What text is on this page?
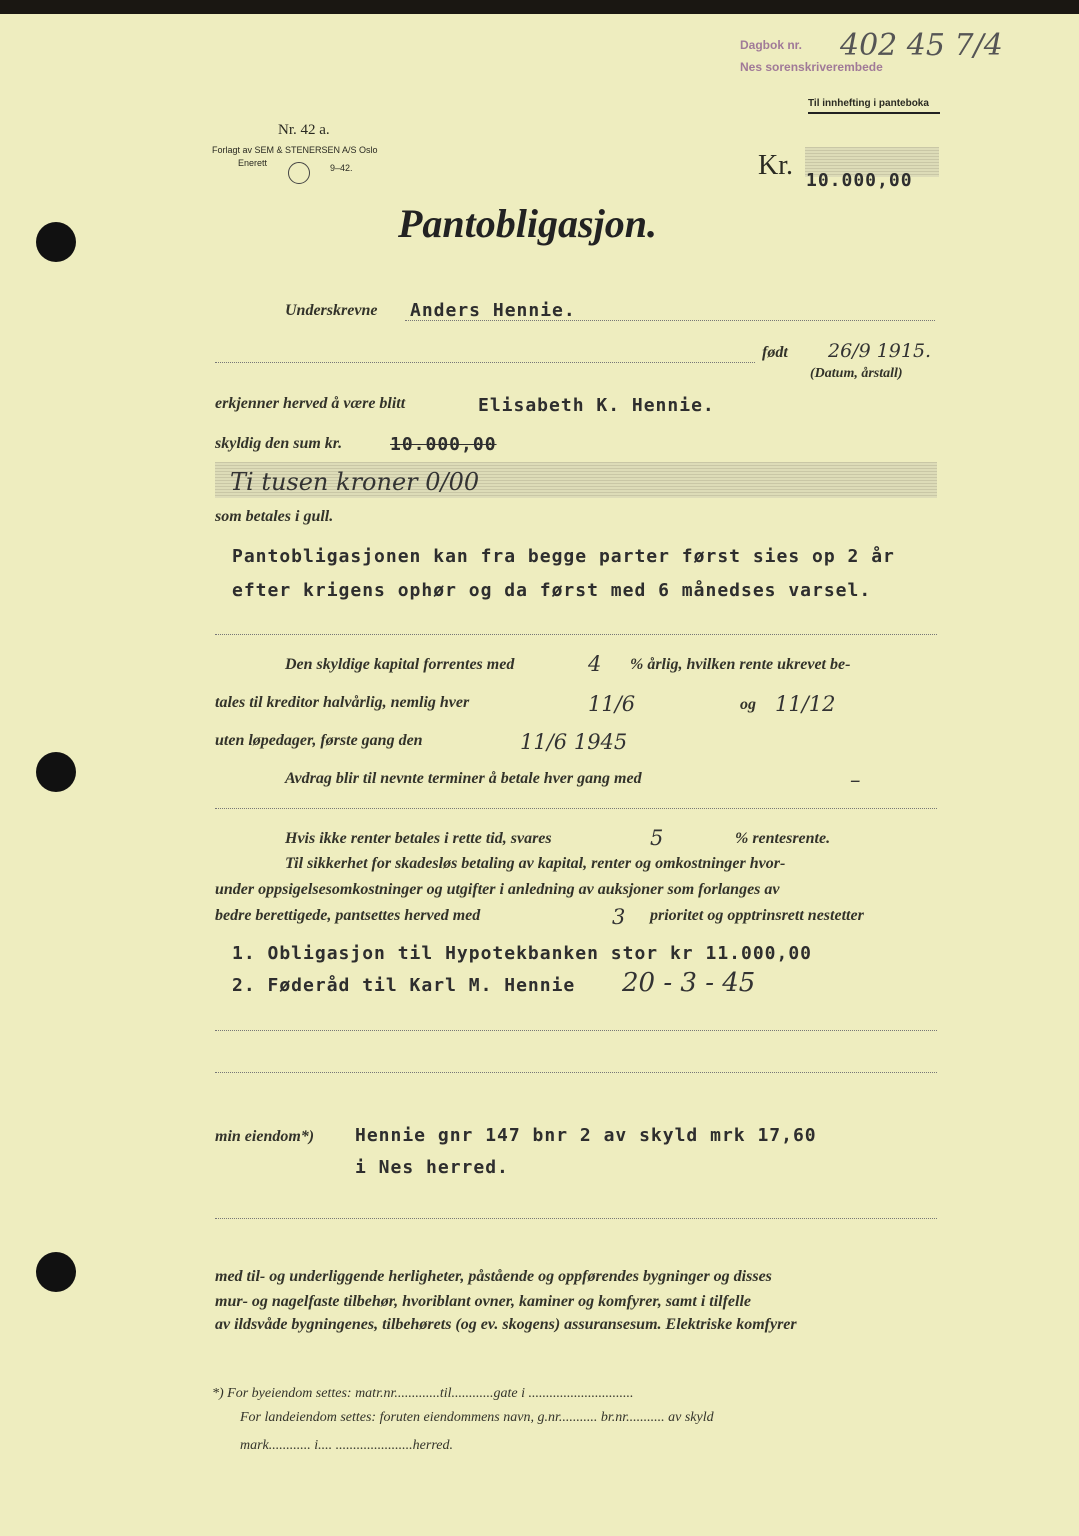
Nr. 42 a.
Forlagt av SEM & STENERSEN A/S Oslo
Enerett	9–42.
Dagbok nr.
Nes sorenskriverembede
402 45 7/4
Til innhefting i panteboka
Kr. 10.000,00
Pantobligasjon.
Underskrevne Anders Hennie.
født 26/9 1915.
(Datum, årstall)
erkjenner herved å være blitt	Elisabeth K. Hennie.
skyldig den sum kr.	10.000,00
Ti tusen kroner 0/00
som betales i gull.
Pantobligasjonen kan fra begge parter først sies op 2 år
efter krigens ophør og da først med 6 månedses varsel.
Den skyldige kapital forrentes med	4 % årlig, hvilken rente ukrevet be-
tales til kreditor halvårlig, nemlig hver	11/6	og 11/12
uten løpedager, første gang den	11/6 1945
Avdrag blir til nevnte terminer å betale hver gang med	–
Hvis ikke renter betales i rette tid, svares	5	% rentesrente.
Til sikkerhet for skadesløs betaling av kapital, renter og omkostninger hvor-
under oppsigelsesomkostninger og utgifter i anledning av auksjoner som forlanges av
bedre berettigede, pantsettes herved med	3 prioritet og opptrinsrett nestetter
1. Obligasjon til Hypotekbanken stor kr 11.000,00
2. Føderåd til Karl M. Hennie 20 - 3 - 45
min eiendom*) Hennie gnr 147 bnr 2 av skyld mrk 17,60
i Nes herred.
med til- og underliggende herligheter, påstående og oppførendes bygninger og disses
mur- og nagelfaste tilbehør, hvoriblant ovner, kaminer og komfyrer, samt i tilfelle
av ildsvåde bygningenes, tilbehørets (og ev. skogens) assuransesum. Elektriske komfyrer
*) For byeiendom settes: matr.nr.............til............gate i ..............................
For landeiendom settes: foruten eiendommens navn, g.nr........... br.nr........... av skyld
mark............ i.... ......................herred.
